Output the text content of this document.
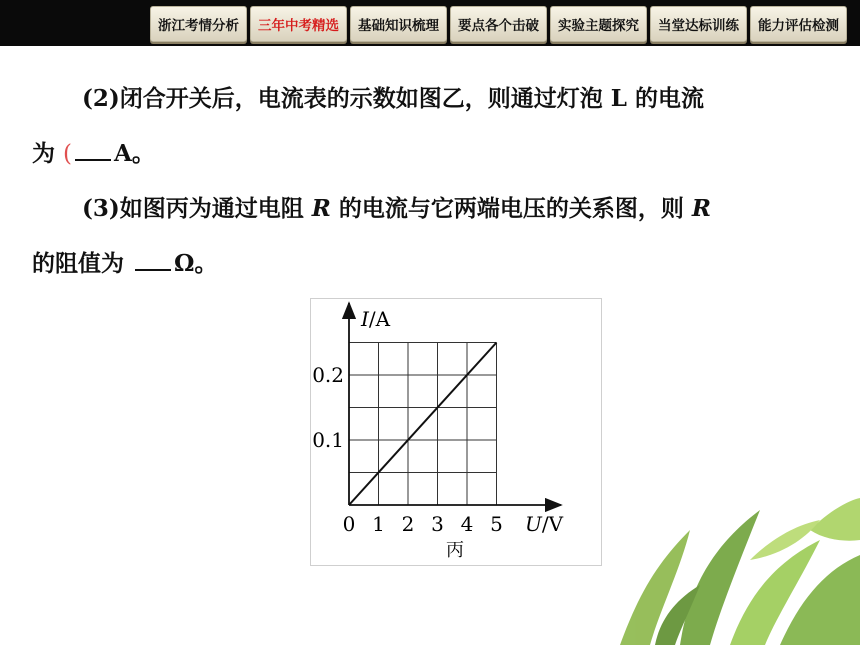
浙江考情分析	三年中考精选	基础知识梳理	要点各个击破	实验主题探究	当堂达标训练	能力评估检测
(2)闭合开关后，电流表的示数如图乙，则通过灯泡 L 的电流
为 ( A。
(3)如图丙为通过电阻 R 的电流与它两端电压的关系图，则 R
的阻值为 Ω。
I/A
U/V
丙
0 1 2 3 4 5
0.1
0.2
